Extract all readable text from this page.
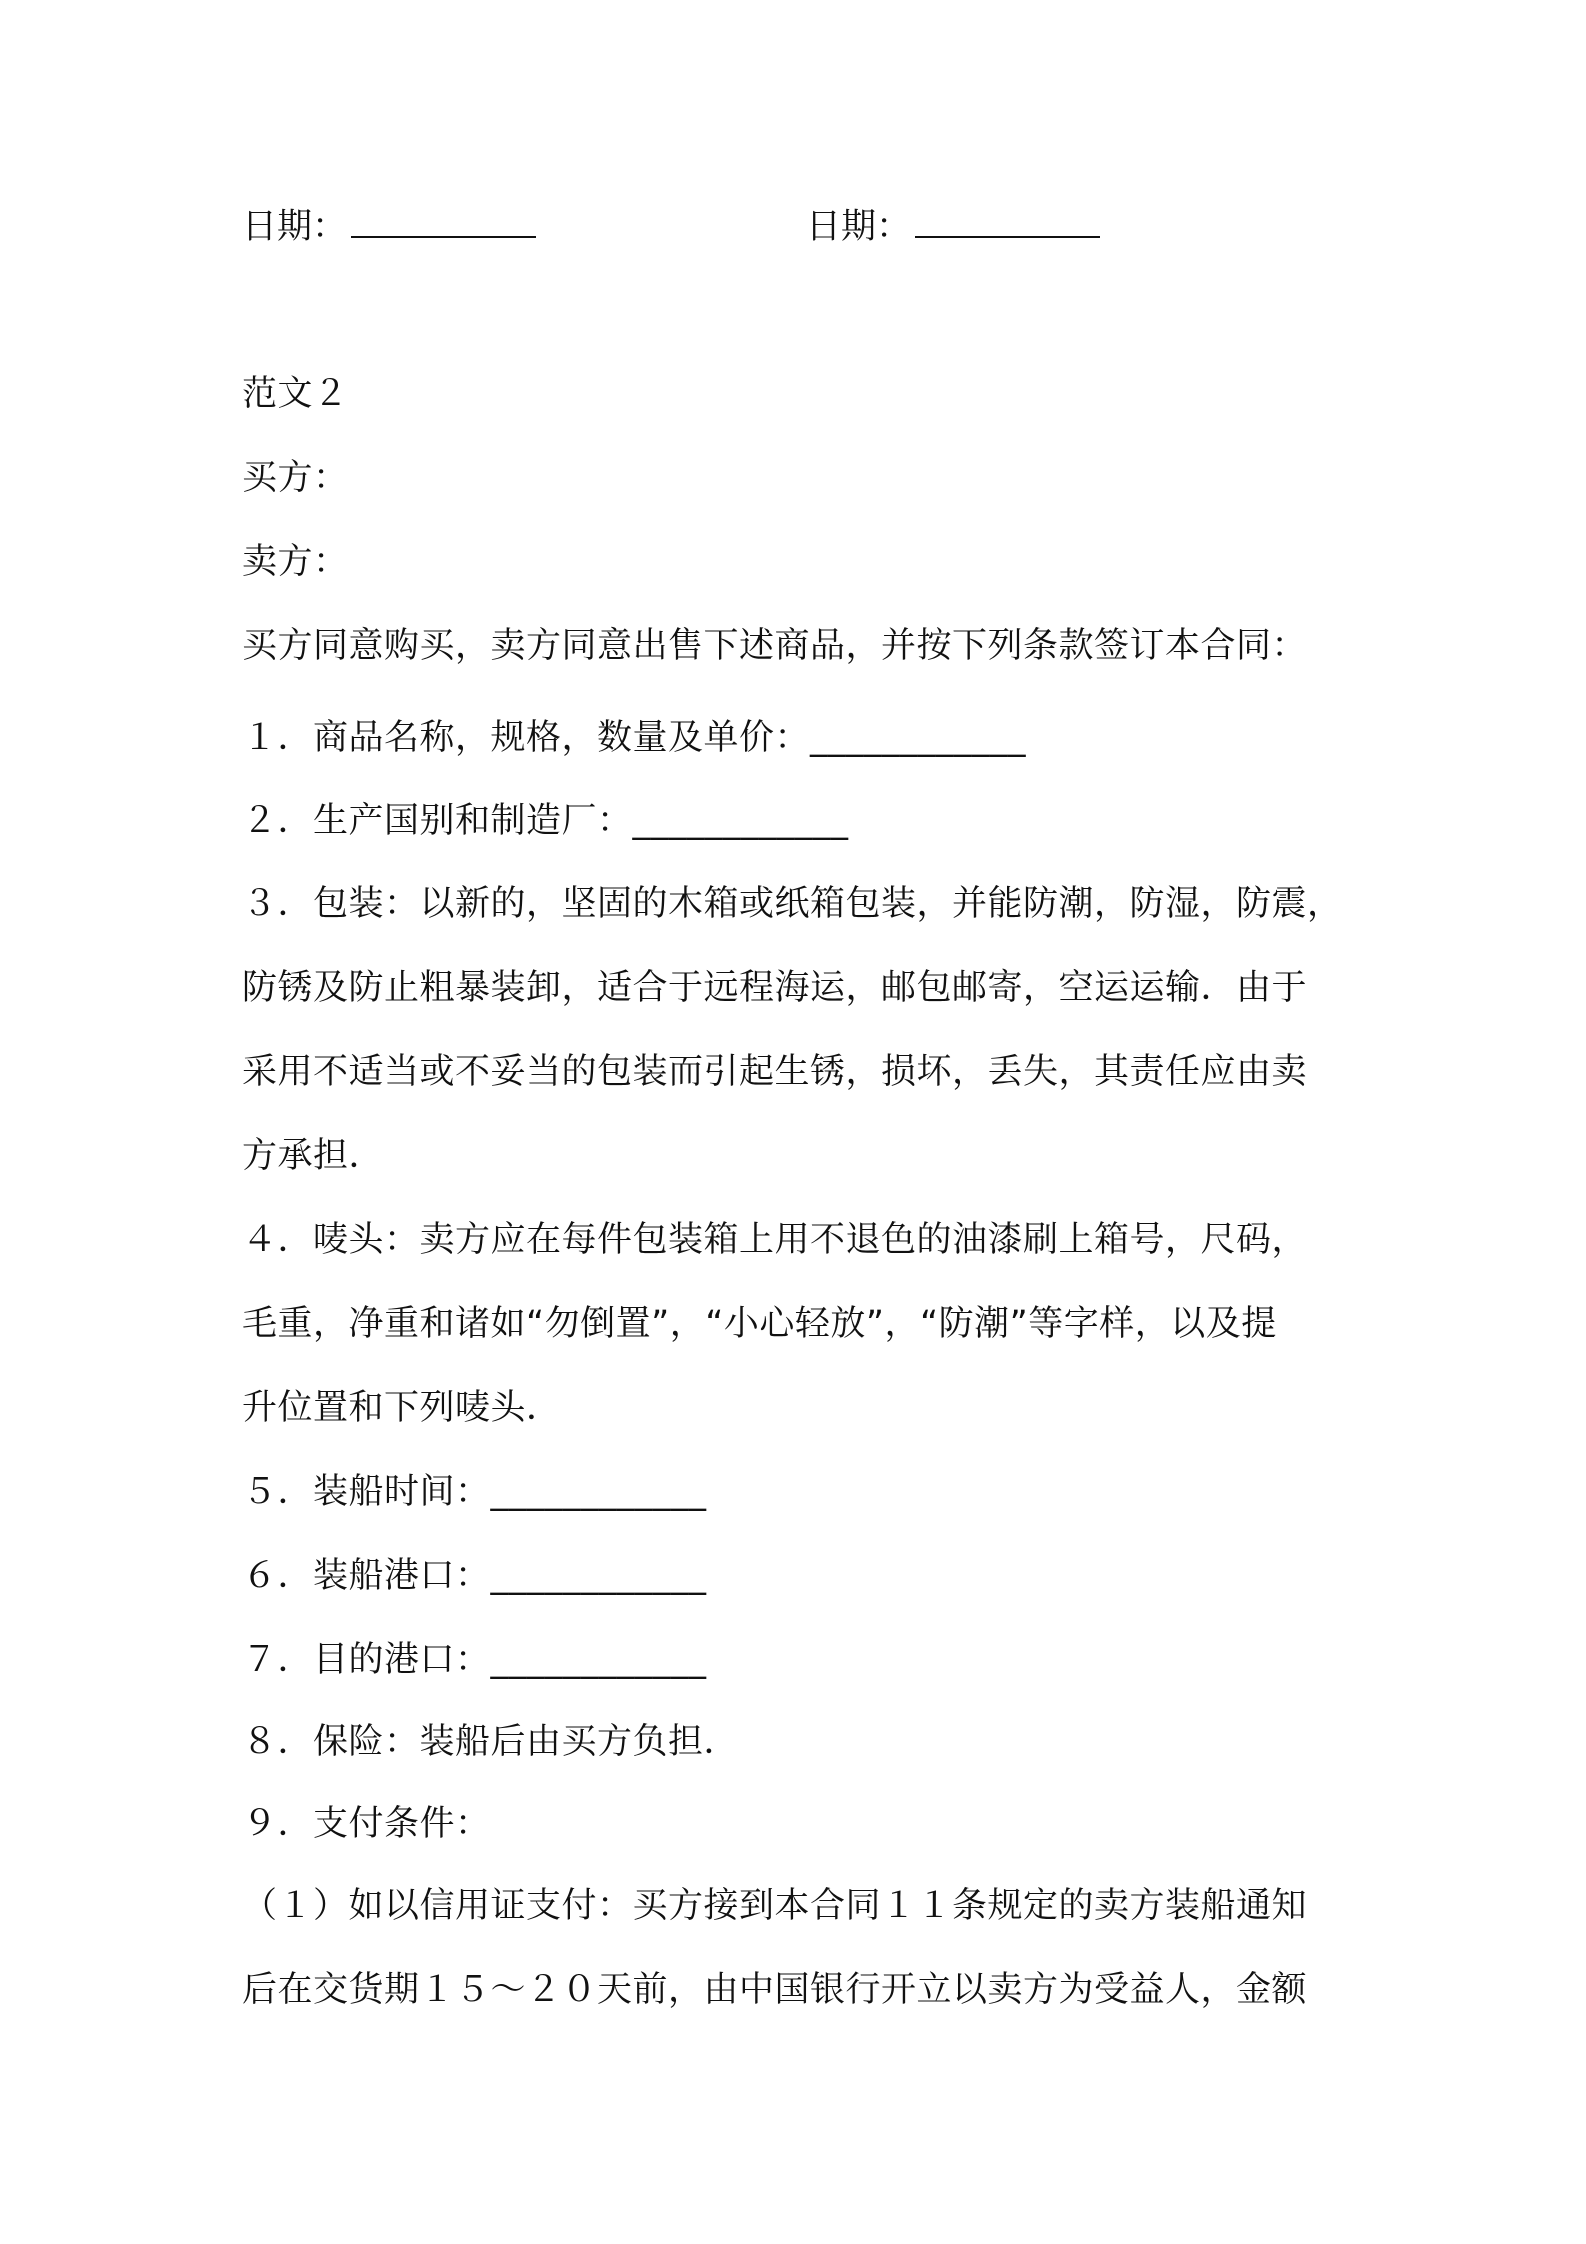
日期：	日期：
范文２
买方：
卖方：
买方同意购买，卖方同意出售下述商品，并按下列条款签订本合同：
１．商品名称，规格，数量及单价：____________
２．生产国别和制造厂：____________
３．包装：以新的，坚固的木箱或纸箱包装，并能防潮，防湿，防震，
防锈及防止粗暴装卸，适合于远程海运，邮包邮寄，空运运输．由于
采用不适当或不妥当的包装而引起生锈，损坏，丢失，其责任应由卖
方承担．
４．唛头：卖方应在每件包装箱上用不退色的油漆刷上箱号，尺码，
毛重，净重和诸如“勿倒置”，“小心轻放”，“防潮”等字样，以及提
升位置和下列唛头．
５．装船时间：____________
６．装船港口：____________
７．目的港口：____________
８．保险：装船后由买方负担．
９．支付条件：
（１）如以信用证支付：买方接到本合同１１条规定的卖方装船通知
后在交货期１５～２０天前，由中国银行开立以卖方为受益人，金额
